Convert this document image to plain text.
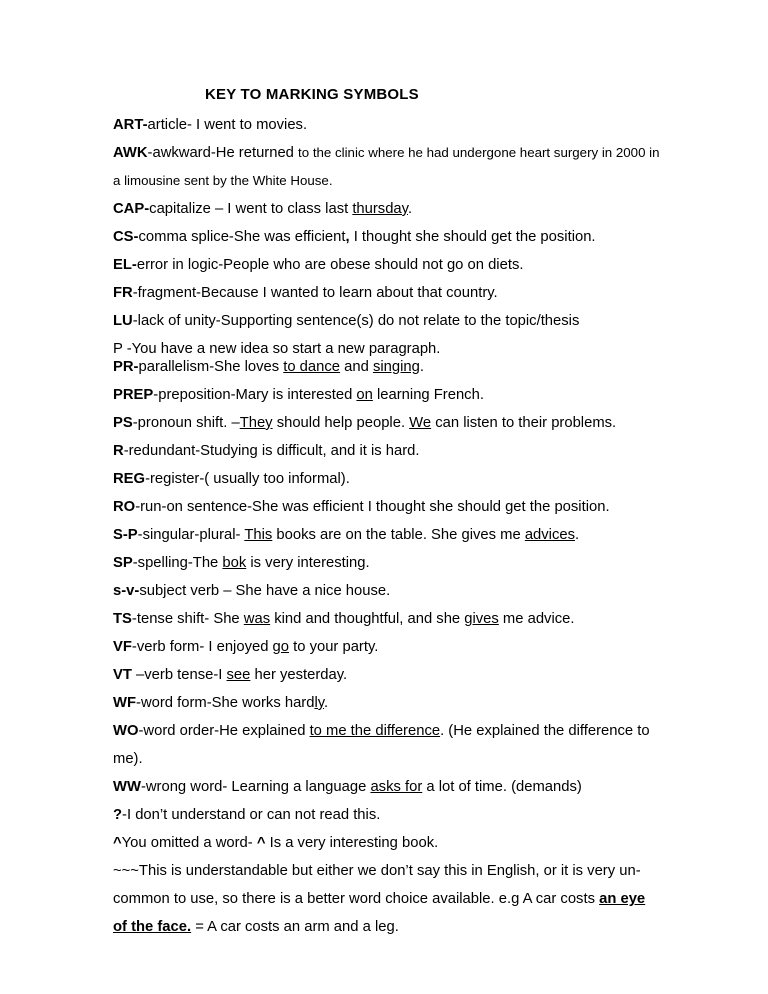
KEY TO MARKING SYMBOLS

ART-article- I went to movies.

AWK-awkward-He returned to the clinic where he had undergone heart surgery in 2000 in a limousine sent by the White House.

CAP-capitalize – I went to class last thursday.

CS-comma splice-She was efficient, I thought she should get the position.

EL-error in logic-People who are obese should not go on diets.

FR-fragment-Because I wanted to learn about that country.

LU-lack of unity-Supporting sentence(s) do not relate to the topic/thesis

P -You have a new idea so start a new paragraph.

PR-parallelism-She loves to dance and singing.

PREP-preposition-Mary is interested on learning French.

PS-pronoun shift. –They should help people. We can listen to their problems.

R-redundant-Studying is difficult, and it is hard.

REG-register-( usually too informal).

RO-run-on sentence-She was efficient I thought she should get the position.

S-P-singular-plural- This books are on the table. She gives me advices.

SP-spelling-The bok is very interesting.

s-v-subject verb – She have a nice house.

TS-tense shift- She was kind and thoughtful, and she gives me advice.

VF-verb form- I enjoyed go to your party.

VT –verb tense-I see her yesterday.

WF-word form-She works hardly.

WO-word order-He explained to me the difference. (He explained the difference to me).

WW-wrong word- Learning a language asks for a lot of time. (demands)

?-I don’t understand or can not read this.

^You omitted a word- ^ Is a very interesting book.

~~~This is understandable but either we don’t say this in English, or it is very un-common to use, so there is a better word choice available. e.g A car costs an eye of the face. = A car costs an arm and a leg.
